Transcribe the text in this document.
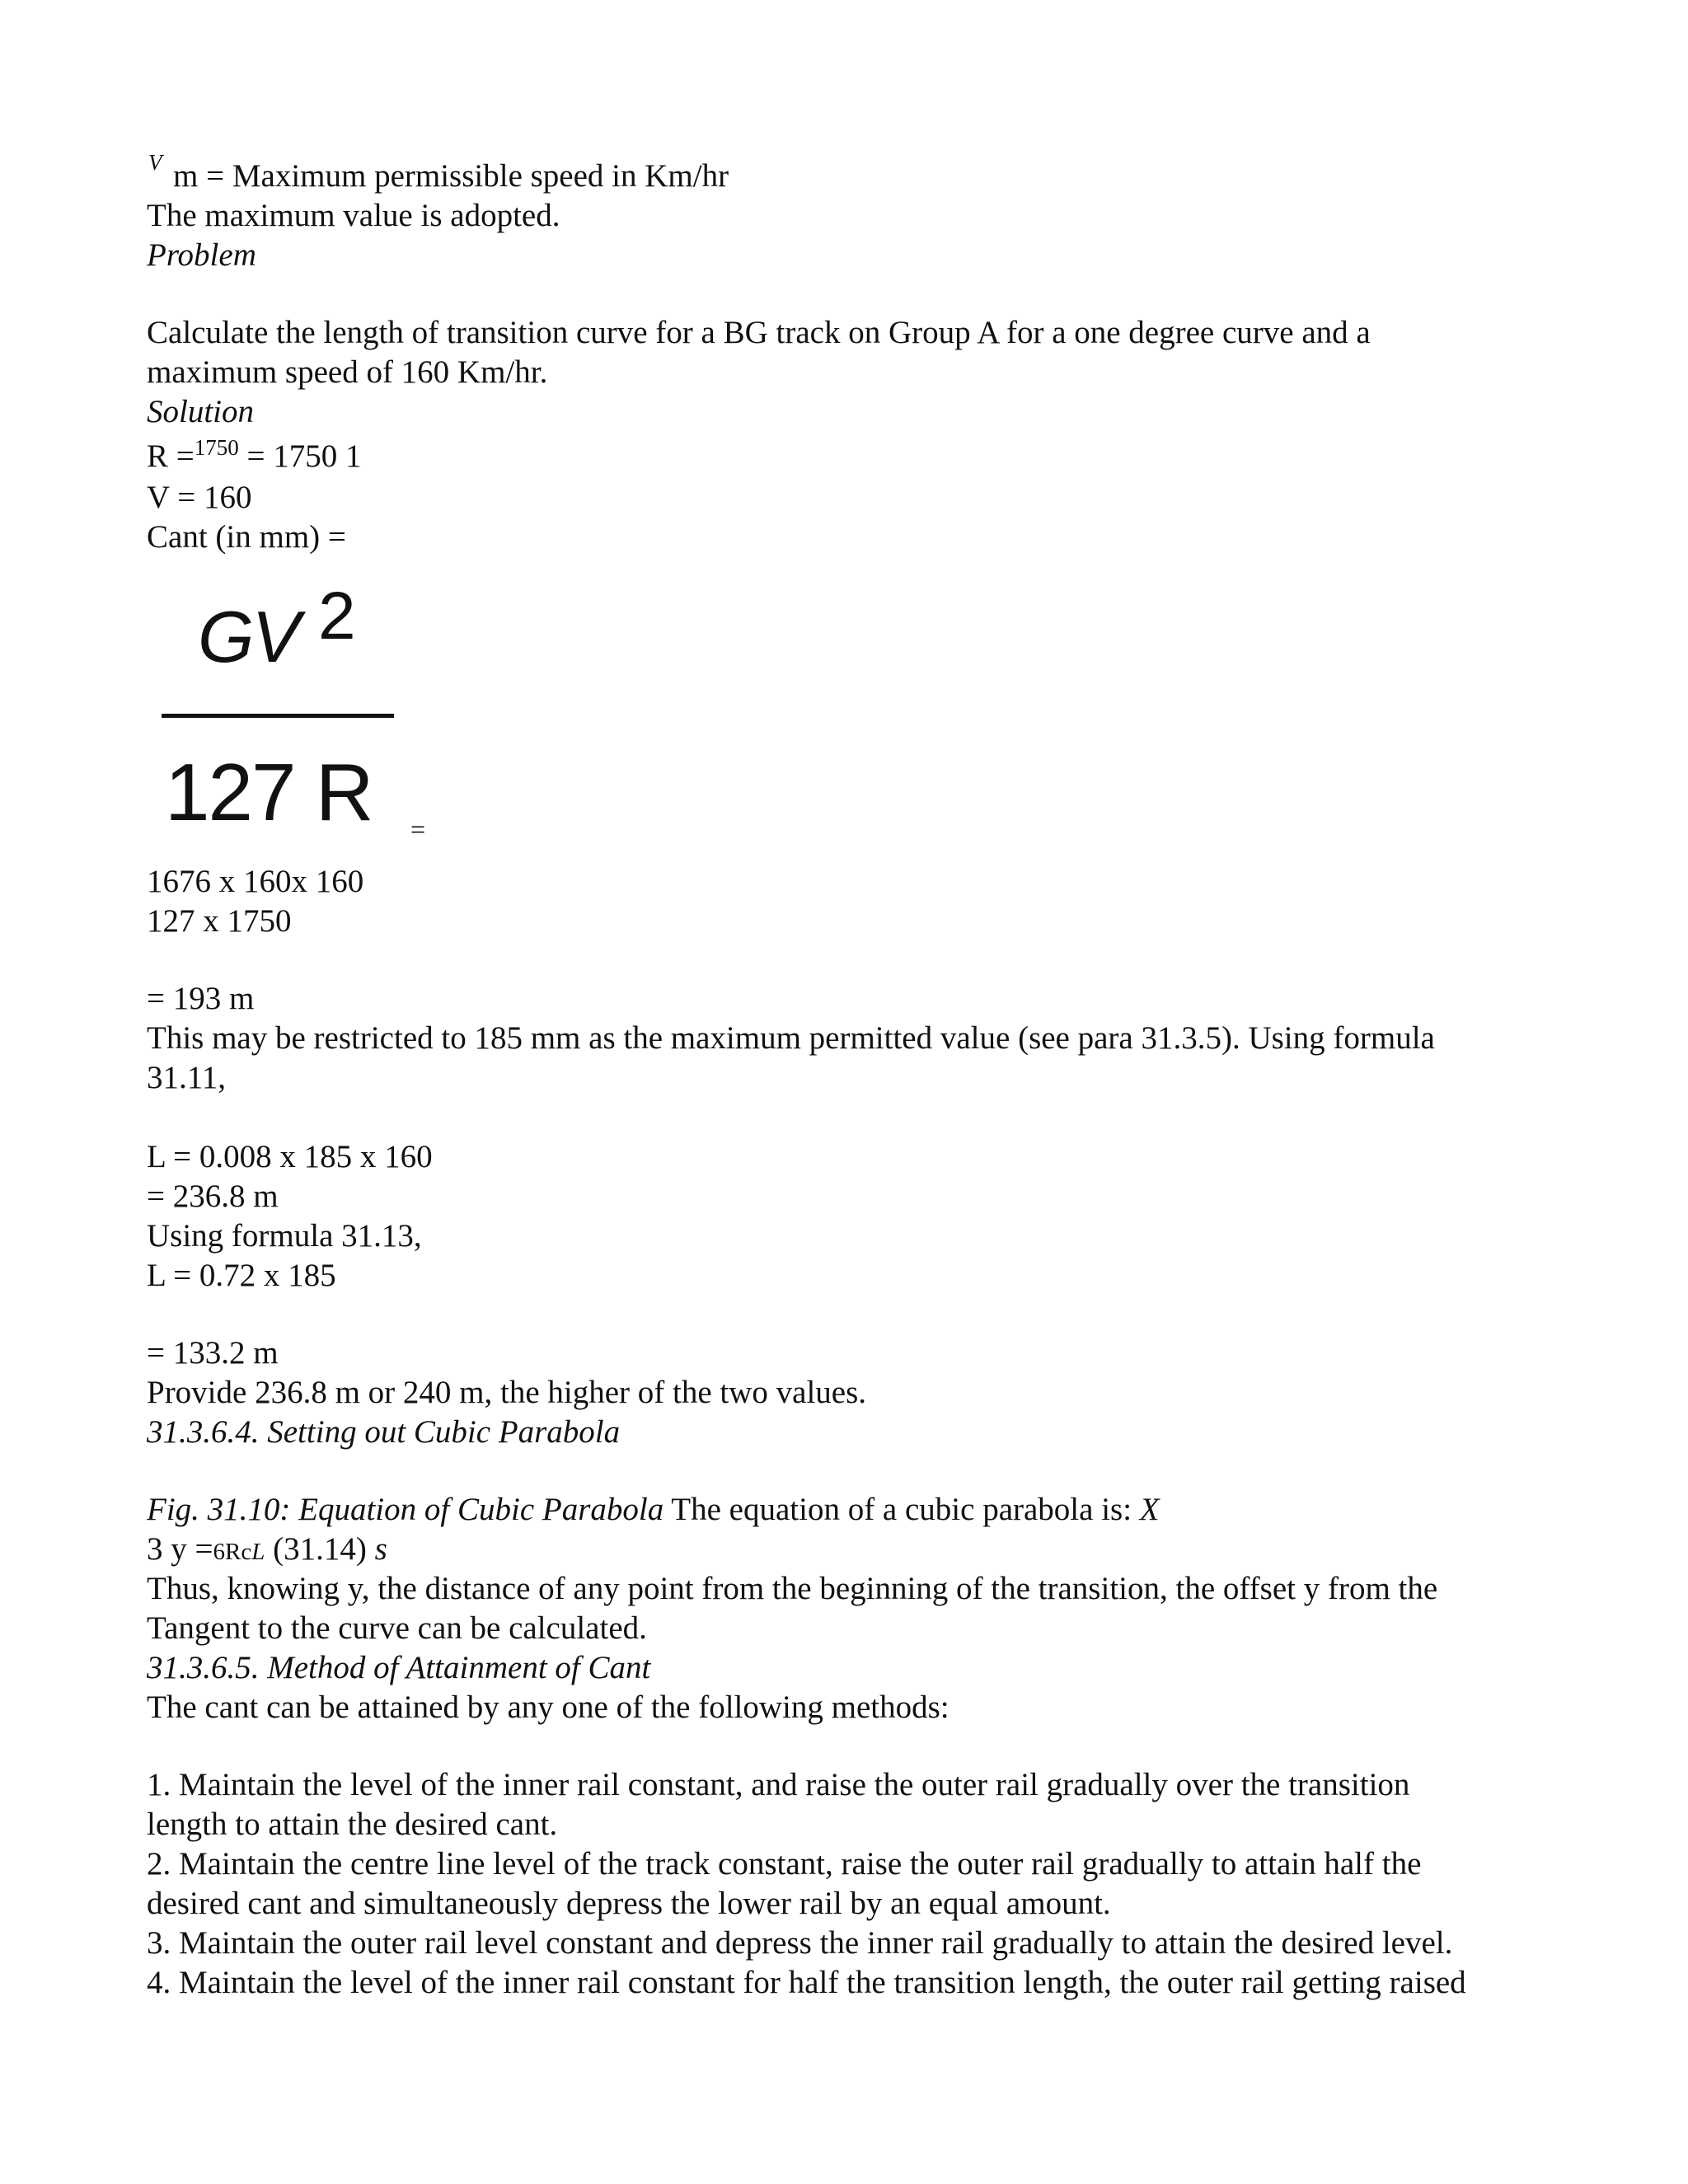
V m = Maximum permissible speed in Km/hr
The maximum value is adopted.
Problem
Calculate the length of transition curve for a BG track on Group A for a one degree curve and a
maximum speed of 160 Km/hr.
Solution
R =$^{1750}$ = 1750 1
V = 160
Cant (in mm) =
GV 2
127 R =
1676 x 160x 160
127 x 1750
= 193 m
This may be restricted to 185 mm as the maximum permitted value (see para 31.3.5). Using formula
31.11,
L = 0.008 x 185 x 160
= 236.8 m
Using formula 31.13,
L = 0.72 x 185
= 133.2 m
Provide 236.8 m or 240 m, the higher of the two values.
31.3.6.4. Setting out Cubic Parabola
Fig. 31.10: Equation of Cubic Parabola The equation of a cubic parabola is: X
3 y =6RcL (31.14) s
Thus, knowing y, the distance of any point from the beginning of the transition, the offset y from the
Tangent to the curve can be calculated.
31.3.6.5. Method of Attainment of Cant
The cant can be attained by any one of the following methods:
1. Maintain the level of the inner rail constant, and raise the outer rail gradually over the transition
length to attain the desired cant.
2. Maintain the centre line level of the track constant, raise the outer rail gradually to attain half the
desired cant and simultaneously depress the lower rail by an equal amount.
3. Maintain the outer rail level constant and depress the inner rail gradually to attain the desired level.
4. Maintain the level of the inner rail constant for half the transition length, the outer rail getting raised
